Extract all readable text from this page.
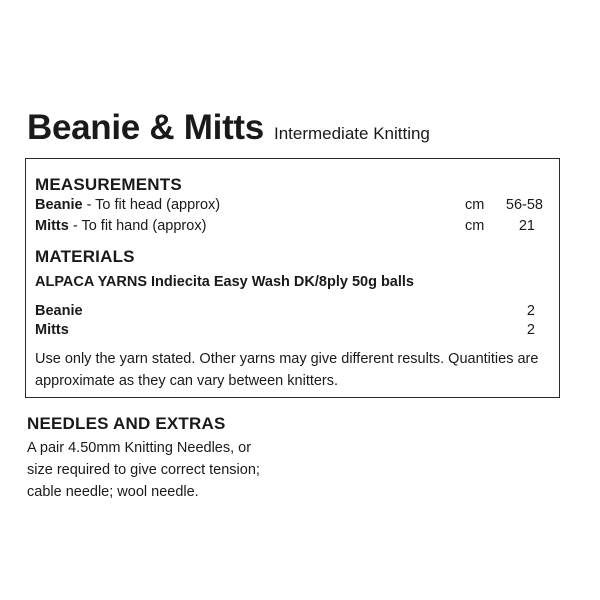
Beanie & Mitts Intermediate Knitting
MEASUREMENTS
Beanie - To fit head (approx)	cm 56-58
Mitts - To fit hand (approx)	cm 21
MATERIALS
ALPACA YARNS Indiecita Easy Wash DK/8ply 50g balls
Beanie	2
Mitts	2
Use only the yarn stated. Other yarns may give different results. Quantities are approximate as they can vary between knitters.
NEEDLES AND EXTRAS
A pair 4.50mm Knitting Needles, or
size required to give correct tension;
cable needle; wool needle.
